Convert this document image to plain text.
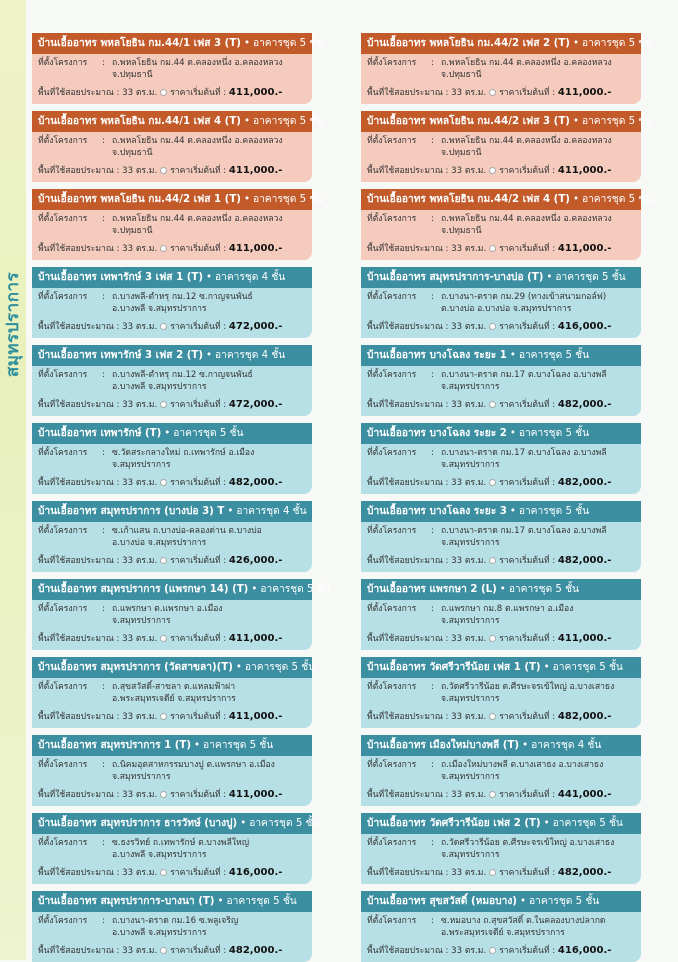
สมุทรปราการ
บ้านเอื้ออาทร พหลโยธิน กม.44/1 เฟส 3 (T) • อาคารชุด 5 ชั้น
ที่ตั้งโครงการ	: ถ.พหลโยธิน กม.44 ต.คลองหนึ่ง อ.คลองหลวง
จ.ปทุมธานี
พื้นที่ใช้สอยประมาณ : 33 ตร.ม. ราคาเริ่มต้นที่ : 411,000.-
บ้านเอื้ออาทร พหลโยธิน กม.44/1 เฟส 4 (T) • อาคารชุด 5 ชั้น
ที่ตั้งโครงการ	: ถ.พหลโยธิน กม.44 ต.คลองหนึ่ง อ.คลองหลวง
จ.ปทุมธานี
พื้นที่ใช้สอยประมาณ : 33 ตร.ม. ราคาเริ่มต้นที่ : 411,000.-
บ้านเอื้ออาทร พหลโยธิน กม.44/2 เฟส 1 (T) • อาคารชุด 5 ชั้น
ที่ตั้งโครงการ	: ถ.พหลโยธิน กม.44 ต.คลองหนึ่ง อ.คลองหลวง
จ.ปทุมธานี
พื้นที่ใช้สอยประมาณ : 33 ตร.ม. ราคาเริ่มต้นที่ : 411,000.-
บ้านเอื้ออาทร เทพารักษ์ 3 เฟส 1 (T) • อาคารชุด 4 ชั้น
ที่ตั้งโครงการ	: ถ.บางพลี-ตำหรุ กม.12 ซ.กาญจนพันธ์
อ.บางพลี จ.สมุทรปราการ
พื้นที่ใช้สอยประมาณ : 33 ตร.ม. ราคาเริ่มต้นที่ : 472,000.-
บ้านเอื้ออาทร เทพารักษ์ 3 เฟส 2 (T) • อาคารชุด 4 ชั้น
ที่ตั้งโครงการ	: ถ.บางพลี-ตำหรุ กม.12 ซ.กาญจนพันธ์
อ.บางพลี จ.สมุทรปราการ
พื้นที่ใช้สอยประมาณ : 33 ตร.ม. ราคาเริ่มต้นที่ : 472,000.-
บ้านเอื้ออาทร เทพารักษ์ (T) • อาคารชุด 5 ชั้น
ที่ตั้งโครงการ	: ซ.วัดสระกลางใหม่ ถ.เทพารักษ์ อ.เมือง
จ.สมุทรปราการ
พื้นที่ใช้สอยประมาณ : 33 ตร.ม. ราคาเริ่มต้นที่ : 482,000.-
บ้านเอื้ออาทร สมุทรปราการ (บางบ่อ 3) T • อาคารชุด 4 ชั้น
ที่ตั้งโครงการ	: ซ.เก้าแสน ถ.บางบ่อ-คลองด่าน ต.บางบ่อ
อ.บางบ่อ จ.สมุทรปราการ
พื้นที่ใช้สอยประมาณ : 33 ตร.ม. ราคาเริ่มต้นที่ : 426,000.-
บ้านเอื้ออาทร สมุทรปราการ (แพรกษา 14) (T) • อาคารชุด 5 ชั้น
ที่ตั้งโครงการ	: ถ.แพรกษา ต.แพรกษา อ.เมือง
จ.สมุทรปราการ
พื้นที่ใช้สอยประมาณ : 33 ตร.ม. ราคาเริ่มต้นที่ : 411,000.-
บ้านเอื้ออาทร สมุทรปราการ (วัดสาขลา)(T) • อาคารชุด 5 ชั้น
ที่ตั้งโครงการ	: ถ.สุขสวัสดิ์-สาขลา ต.แหลมฟ้าผ่า
อ.พระสมุทรเจดีย์ จ.สมุทรปราการ
พื้นที่ใช้สอยประมาณ : 33 ตร.ม. ราคาเริ่มต้นที่ : 411,000.-
บ้านเอื้ออาทร สมุทรปราการ 1 (T) • อาคารชุด 5 ชั้น
ที่ตั้งโครงการ	: ถ.นิคมอุตสาหกรรมบางปู ต.แพรกษา อ.เมือง
จ.สมุทรปราการ
พื้นที่ใช้สอยประมาณ : 33 ตร.ม. ราคาเริ่มต้นที่ : 411,000.-
บ้านเอื้ออาทร สมุทรปราการ ธารวัทษ์ (บางปู) • อาคารชุด 5 ชั้น
ที่ตั้งโครงการ	: ซ.ธงรวิทย์ ถ.เทพารักษ์ ต.บางพลีใหญ่
อ.บางพลี จ.สมุทรปราการ
พื้นที่ใช้สอยประมาณ : 33 ตร.ม. ราคาเริ่มต้นที่ : 416,000.-
บ้านเอื้ออาทร สมุทรปราการ-บางนา (T) • อาคารชุด 5 ชั้น
ที่ตั้งโครงการ	: ถ.บางนา-ตราด กม.16 ซ.พลูเจริญ
อ.บางพลี จ.สมุทรปราการ
พื้นที่ใช้สอยประมาณ : 33 ตร.ม. ราคาเริ่มต้นที่ : 482,000.-
บ้านเอื้ออาทร พหลโยธิน กม.44/2 เฟส 2 (T) • อาคารชุด 5 ชั้น
ที่ตั้งโครงการ	: ถ.พหลโยธิน กม.44 ต.คลองหนึ่ง อ.คลองหลวง
จ.ปทุมธานี
พื้นที่ใช้สอยประมาณ : 33 ตร.ม. ราคาเริ่มต้นที่ : 411,000.-
บ้านเอื้ออาทร พหลโยธิน กม.44/2 เฟส 3 (T) • อาคารชุด 5 ชั้น
ที่ตั้งโครงการ	: ถ.พหลโยธิน กม.44 ต.คลองหนึ่ง อ.คลองหลวง
จ.ปทุมธานี
พื้นที่ใช้สอยประมาณ : 33 ตร.ม. ราคาเริ่มต้นที่ : 411,000.-
บ้านเอื้ออาทร พหลโยธิน กม.44/2 เฟส 4 (T) • อาคารชุด 5 ชั้น
ที่ตั้งโครงการ	: ถ.พหลโยธิน กม.44 ต.คลองหนึ่ง อ.คลองหลวง
จ.ปทุมธานี
พื้นที่ใช้สอยประมาณ : 33 ตร.ม. ราคาเริ่มต้นที่ : 411,000.-
บ้านเอื้ออาทร สมุทรปราการ-บางบ่อ (T) • อาคารชุด 5 ชั้น
ที่ตั้งโครงการ	: ถ.บางนา-ตราด กม.29 (ทางเข้าสนามกอล์ฟ)
ต.บางบ่อ อ.บางบ่อ จ.สมุทรปราการ
พื้นที่ใช้สอยประมาณ : 33 ตร.ม. ราคาเริ่มต้นที่ : 416,000.-
บ้านเอื้ออาทร บางโฉลง ระยะ 1 • อาคารชุด 5 ชั้น
ที่ตั้งโครงการ	: ถ.บางนา-ตราด กม.17 ต.บางโฉลง อ.บางพลี
จ.สมุทรปราการ
พื้นที่ใช้สอยประมาณ : 33 ตร.ม. ราคาเริ่มต้นที่ : 482,000.-
บ้านเอื้ออาทร บางโฉลง ระยะ 2 • อาคารชุด 5 ชั้น
ที่ตั้งโครงการ	: ถ.บางนา-ตราด กม.17 ต.บางโฉลง อ.บางพลี
จ.สมุทรปราการ
พื้นที่ใช้สอยประมาณ : 33 ตร.ม. ราคาเริ่มต้นที่ : 482,000.-
บ้านเอื้ออาทร บางโฉลง ระยะ 3 • อาคารชุด 5 ชั้น
ที่ตั้งโครงการ	: ถ.บางนา-ตราด กม.17 ต.บางโฉลง อ.บางพลี
จ.สมุทรปราการ
พื้นที่ใช้สอยประมาณ : 33 ตร.ม. ราคาเริ่มต้นที่ : 482,000.-
บ้านเอื้ออาทร แพรกษา 2 (L) • อาคารชุด 5 ชั้น
ที่ตั้งโครงการ	: ถ.แพรกษา กม.8 ต.แพรกษา อ.เมือง
จ.สมุทรปราการ
พื้นที่ใช้สอยประมาณ : 33 ตร.ม. ราคาเริ่มต้นที่ : 411,000.-
บ้านเอื้ออาทร วัดศรีวารีน้อย เฟส 1 (T) • อาคารชุด 5 ชั้น
ที่ตั้งโครงการ	: ถ.วัดศรีวารีน้อย ต.ศีรษะจรเข้ใหญ่ อ.บางเสาธง
จ.สมุทรปราการ
พื้นที่ใช้สอยประมาณ : 33 ตร.ม. ราคาเริ่มต้นที่ : 482,000.-
บ้านเอื้ออาทร เมืองใหม่บางพลี (T) • อาคารชุด 4 ชั้น
ที่ตั้งโครงการ	: ถ.เมืองใหม่บางพลี ต.บางเสาธง อ.บางเสาธง
จ.สมุทรปราการ
พื้นที่ใช้สอยประมาณ : 33 ตร.ม. ราคาเริ่มต้นที่ : 441,000.-
บ้านเอื้ออาทร วัดศรีวารีน้อย เฟส 2 (T) • อาคารชุด 5 ชั้น
ที่ตั้งโครงการ	: ถ.วัดศรีวารีน้อย ต.ศีรษะจรเข้ใหญ่ อ.บางเสาธง
จ.สมุทรปราการ
พื้นที่ใช้สอยประมาณ : 33 ตร.ม. ราคาเริ่มต้นที่ : 482,000.-
บ้านเอื้ออาทร สุขสวัสดิ์ (หมอบาง) • อาคารชุด 5 ชั้น
ที่ตั้งโครงการ	: ซ.หมอบาง ถ.สุขสวัสดิ์ ต.ในคลองบางปลากด
อ.พระสมุทรเจดีย์ จ.สมุทรปราการ
พื้นที่ใช้สอยประมาณ : 33 ตร.ม. ราคาเริ่มต้นที่ : 416,000.-
